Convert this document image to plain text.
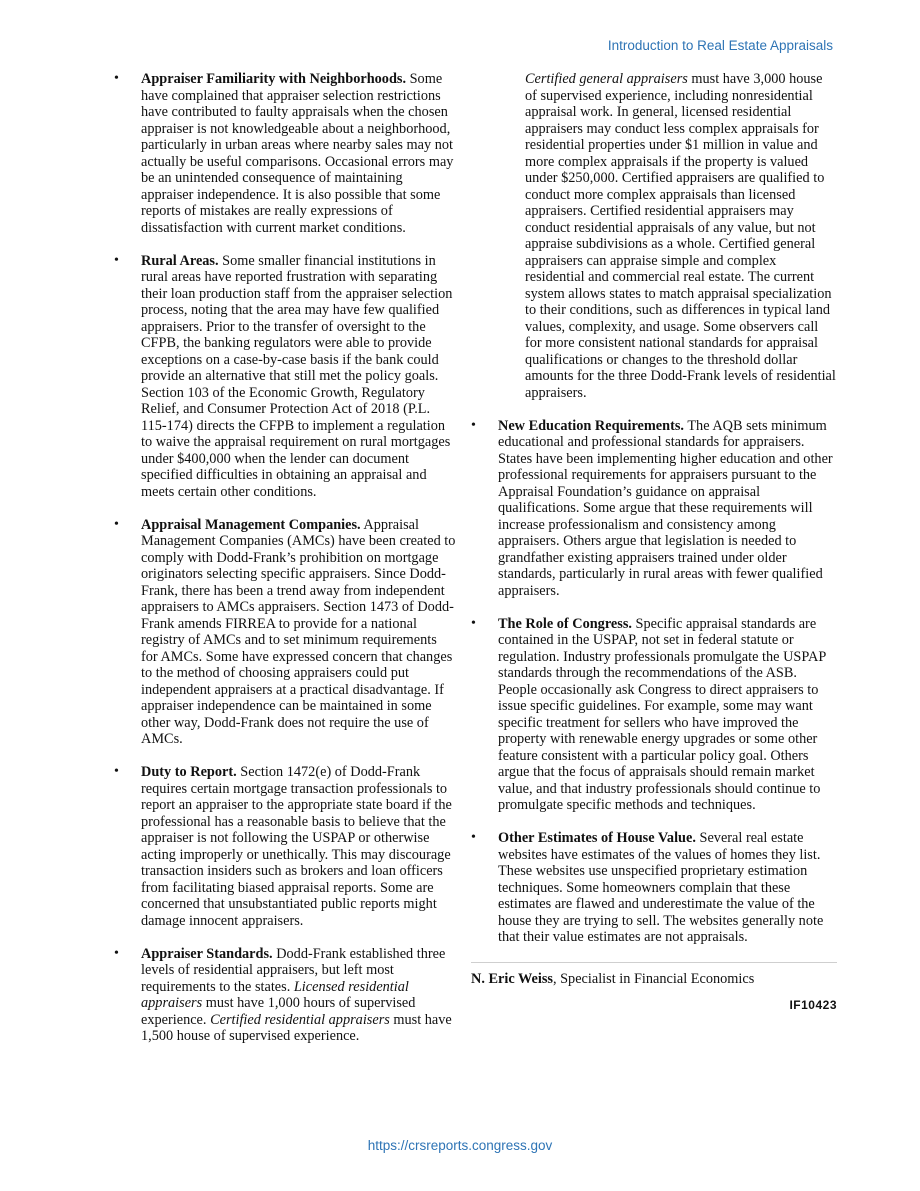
Introduction to Real Estate Appraisals
•	Appraiser Familiarity with Neighborhoods. Some have complained that appraiser selection restrictions have contributed to faulty appraisals when the chosen appraiser is not knowledgeable about a neighborhood, particularly in urban areas where nearby sales may not actually be useful comparisons. Occasional errors may be an unintended consequence of maintaining appraiser independence. It is also possible that some reports of mistakes are really expressions of dissatisfaction with current market conditions.
•	Rural Areas. Some smaller financial institutions in rural areas have reported frustration with separating their loan production staff from the appraiser selection process, noting that the area may have few qualified appraisers. Prior to the transfer of oversight to the CFPB, the banking regulators were able to provide exceptions on a case-by-case basis if the bank could provide an alternative that still met the policy goals. Section 103 of the Economic Growth, Regulatory Relief, and Consumer Protection Act of 2018 (P.L. 115-174) directs the CFPB to implement a regulation to waive the appraisal requirement on rural mortgages under $400,000 when the lender can document specified difficulties in obtaining an appraisal and meets certain other conditions.
•	Appraisal Management Companies. Appraisal Management Companies (AMCs) have been created to comply with Dodd-Frank’s prohibition on mortgage originators selecting specific appraisers. Since Dodd-Frank, there has been a trend away from independent appraisers to AMCs appraisers. Section 1473 of Dodd-Frank amends FIRREA to provide for a national registry of AMCs and to set minimum requirements for AMCs. Some have expressed concern that changes to the method of choosing appraisers could put independent appraisers at a practical disadvantage. If appraiser independence can be maintained in some other way, Dodd-Frank does not require the use of AMCs.
•	Duty to Report. Section 1472(e) of Dodd-Frank requires certain mortgage transaction professionals to report an appraiser to the appropriate state board if the professional has a reasonable basis to believe that the appraiser is not following the USPAP or otherwise acting improperly or unethically. This may discourage transaction insiders such as brokers and loan officers from facilitating biased appraisal reports. Some are concerned that unsubstantiated public reports might damage innocent appraisers.
•	Appraiser Standards. Dodd-Frank established three levels of residential appraisers, but left most requirements to the states. Licensed residential appraisers must have 1,000 hours of supervised experience. Certified residential appraisers must have 1,500 house of supervised experience.
Certified general appraisers must have 3,000 house of supervised experience, including nonresidential appraisal work. In general, licensed residential appraisers may conduct less complex appraisals for residential properties under $1 million in value and more complex appraisals if the property is valued under $250,000. Certified appraisers are qualified to conduct more complex appraisals than licensed appraisers. Certified residential appraisers may conduct residential appraisals of any value, but not appraise subdivisions as a whole. Certified general appraisers can appraise simple and complex residential and commercial real estate. The current system allows states to match appraisal specialization to their conditions, such as differences in typical land values, complexity, and usage. Some observers call for more consistent national standards for appraisal qualifications or changes to the threshold dollar amounts for the three Dodd-Frank levels of residential appraisers.
•	New Education Requirements. The AQB sets minimum educational and professional standards for appraisers. States have been implementing higher education and other professional requirements for appraisers pursuant to the Appraisal Foundation’s guidance on appraisal qualifications. Some argue that these requirements will increase professionalism and consistency among appraisers. Others argue that legislation is needed to grandfather existing appraisers trained under older standards, particularly in rural areas with fewer qualified appraisers.
•	The Role of Congress. Specific appraisal standards are contained in the USPAP, not set in federal statute or regulation. Industry professionals promulgate the USPAP standards through the recommendations of the ASB. People occasionally ask Congress to direct appraisers to issue specific guidelines. For example, some may want specific treatment for sellers who have improved the property with renewable energy upgrades or some other feature consistent with a particular policy goal. Others argue that the focus of appraisals should remain market value, and that industry professionals should continue to promulgate specific methods and techniques.
•	Other Estimates of House Value. Several real estate websites have estimates of the values of homes they list. These websites use unspecified proprietary estimation techniques. Some homeowners complain that these estimates are flawed and underestimate the value of the house they are trying to sell. The websites generally note that their value estimates are not appraisals.

N. Eric Weiss, Specialist in Financial Economics

IF10423
https://crsreports.congress.gov
